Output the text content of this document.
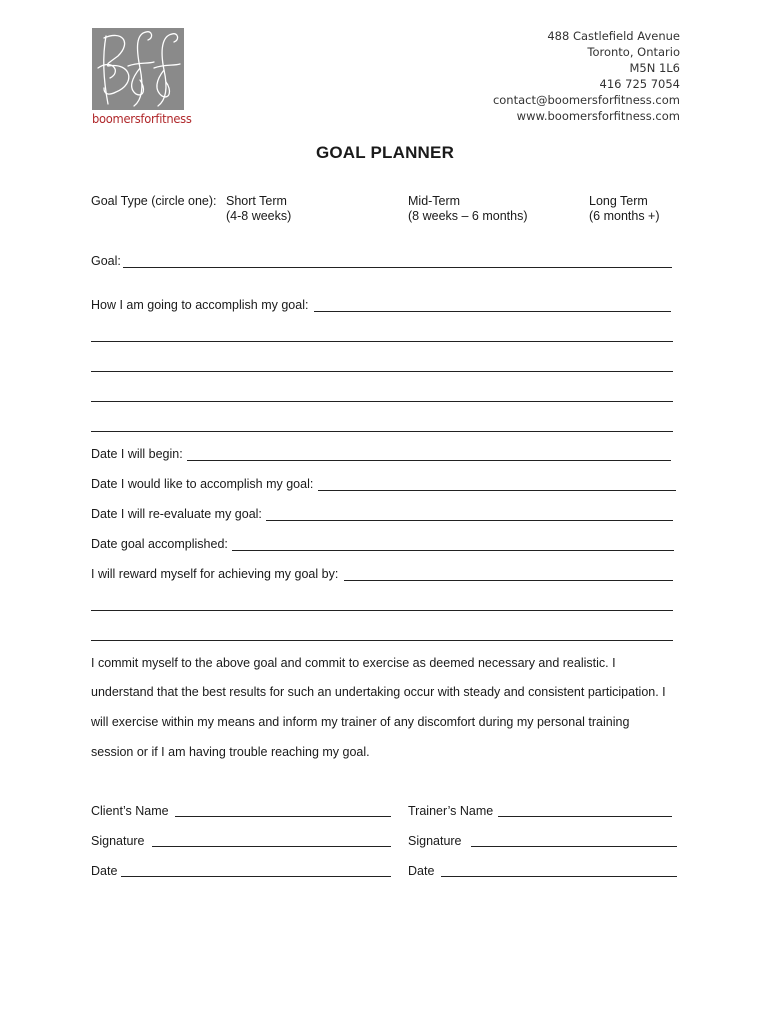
boomersforfitness
488 Castlefield Avenue
Toronto, Ontario
M5N 1L6
416 725 7054
contact@boomersforfitness.com
www.boomersforfitness.com
GOAL PLANNER
Goal Type (circle one): Short Term
(4-8 weeks)
Mid-Term
(8 weeks – 6 months)
Long Term
(6 months +)
Goal:
How I am going to accomplish my goal:
Date I will begin:
Date I would like to accomplish my goal:
Date I will re-evaluate my goal:
Date goal accomplished:
I will reward myself for achieving my goal by:
I commit myself to the above goal and commit to exercise as deemed necessary and realistic. I
understand that the best results for such an undertaking occur with steady and consistent participation. I
will exercise within my means and inform my trainer of any discomfort during my personal training
session or if I am having trouble reaching my goal.
Client’s Name	Trainer’s Name
Signature	Signature
Date	Date
